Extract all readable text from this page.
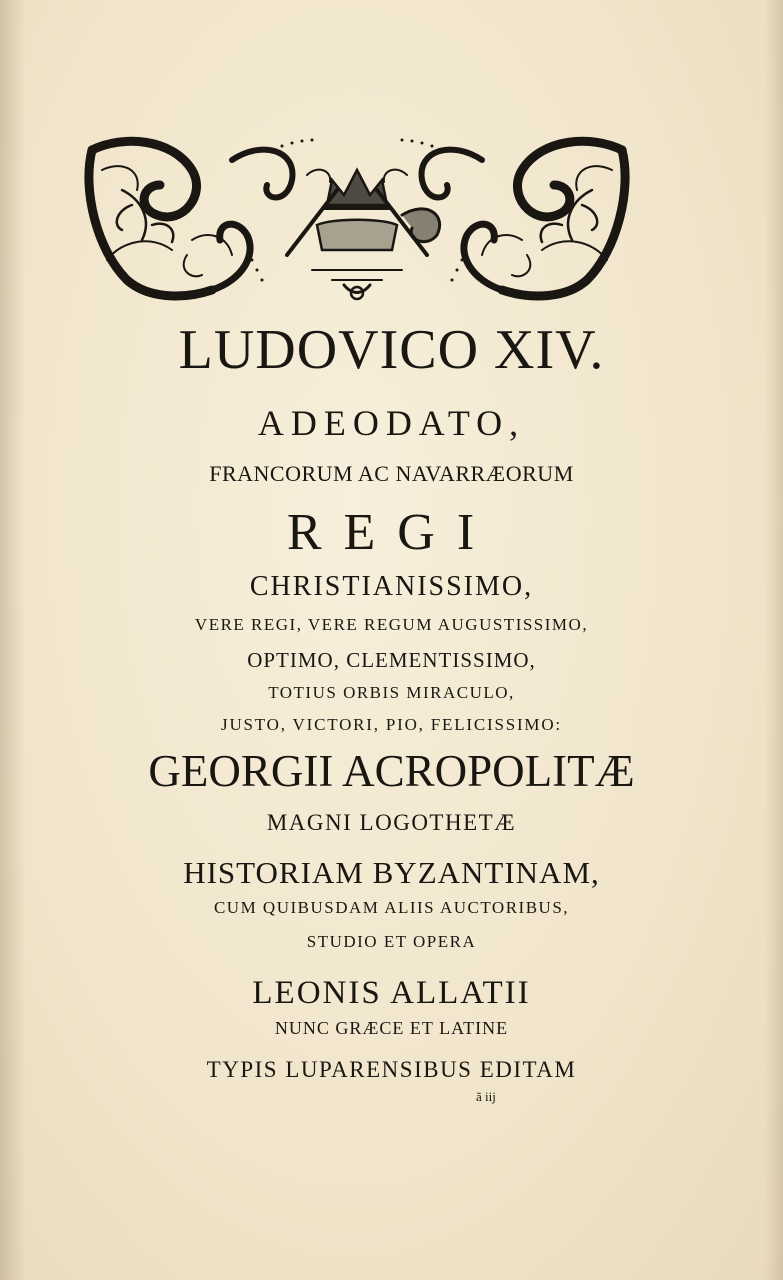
LUDOVICO XIV.
ADEODATO,
FRANCORUM AC NAVARRÆORUM
REGI
CHRISTIANISSIMO,
VERE REGI, VERE REGUM AUGUSTISSIMO,
OPTIMO, CLEMENTISSIMO,
TOTIUS ORBIS MIRACULO,
JUSTO, VICTORI, PIO, FELICISSIMO:
GEORGII ACROPOLITÆ
MAGNI LOGOTHETÆ
HISTORIAM BYZANTINAM,
CUM QUIBUSDAM ALIIS AUCTORIBUS,
STUDIO ET OPERA
LEONIS ALLATII
NUNC GRÆCE ET LATINE
TYPIS LUPARENSIBUS EDITAM
ã iij
